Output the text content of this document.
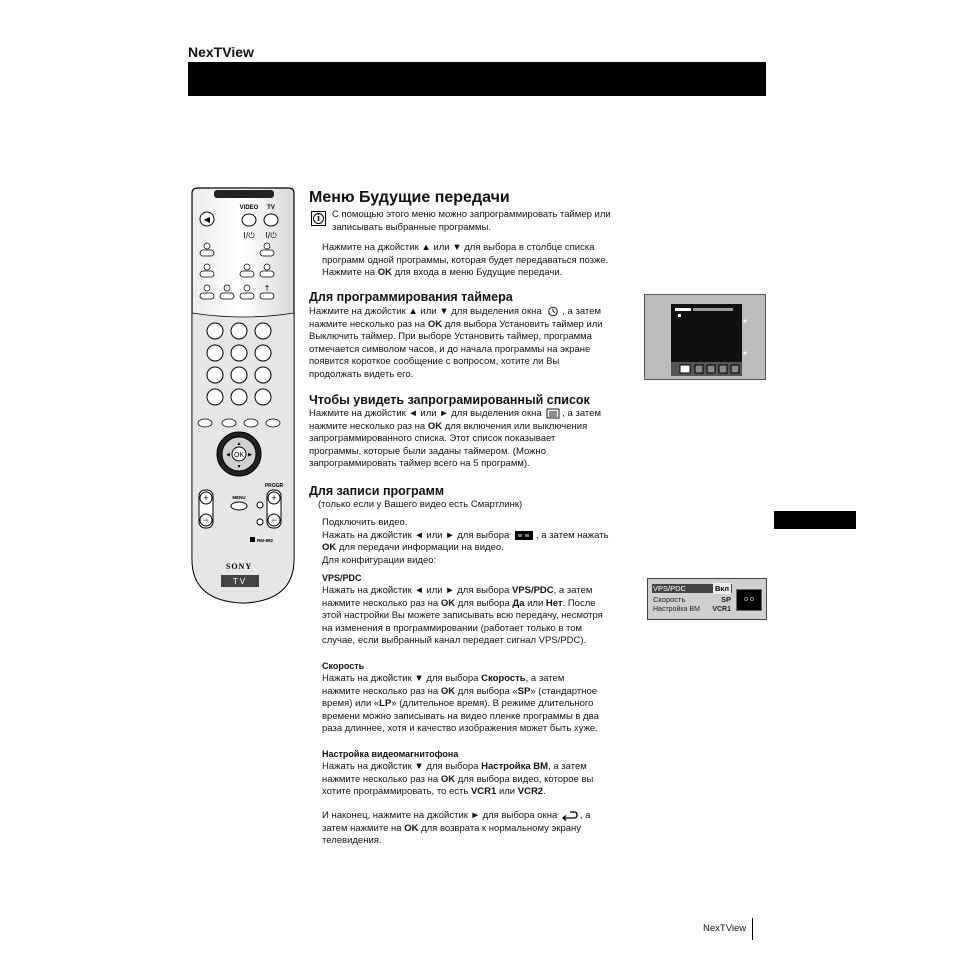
NexTView
◀
VIDEO TV
I/⏻ I/⏻
↑
OK
▲
▼
◀	▶
PROGR
+
−
+
−
MENU
RM-892
SONY
TV
Меню Будущие передачи
i	С помощью этого меню можно запрограммировать таймер или записывать выбранные программы.

Нажмите на джойстик ▲ или ▼ для выбора в столбце списка

программ одной программы, которая будет передаваться позже.

Нажмите на OK для входа в меню Будущие передачи.

Для программирования таймера

Нажмите на джойстик ▲ или ▼ для выделения окна , а затем

нажмите несколько раз на OK для выбора Установить таймер или

Выключить таймер. При выборе Установить таймер, программа

отмечается символом часов, и до начала программы на экране

появится короткое сообщение с вопросом, хотите ли Вы

продолжать видеть его.

Чтобы увидеть запрограмированный список

Нажмите на джойстик ◄ или ► для выделения окна , а затем

нажмите несколько раз на OK для включения или выключения

запрограммированного списка. Этот список показывает

программы, которые были заданы таймером. (Можно

запрограммировать таймер всего на 5 программ).

Для записи программ
(только если у Вашего видео есть Смартлинк)

Подключить видео.

Нажать на джойстик ◄ или ► для выбора	, а затем нажать

OK для передачи информации на видео.

Для конфигурации видео:

VPS/PDC

Нажать на джойстик ◄ или ► для выбора VPS/PDC, а затем

нажмите несколько раз на OK для выбора Да или Нет. После

этой настройки Вы можете записывать всю передачу, несмотря

на изменения в программировании (работает только в том

случае, если выбранный канал передает сигнал VPS/PDC).

Скорость

Нажать на джойстик ▼ для выбора Скорость, а затем

нажмите несколько раз на OK для выбора «SP» (стандартное

время) или «LP» (длительное время). В режиме длительного

времени можно записывать на видео пленке программы в два

раза длиннее, хотя и качество изображения может быть хуже.

Настройка видеомагнитофона

Нажать на джойстик ▼ для выбора Настройка ВМ, а затем

нажмите несколько раз на OK для выбора видео, которое вы

хотите программировать, то есть VCR1 или VCR2.

И наконец, нажмите на джойстик ► для выбора окна , а

затем нажмите на OK для возврата к нормальному экрану

телевидения.

VPS/PDC	Вкл
Скорость	SP
Настройка ВМ VCR1
o o
NexTView
